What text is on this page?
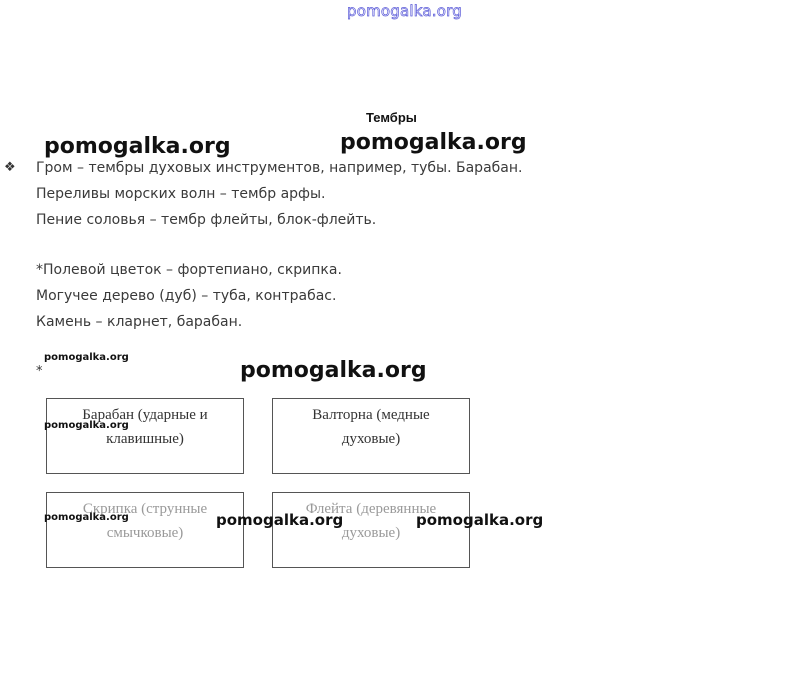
pomogalka.org
Тембры
❖ Гром – тембры духовых инструментов, например, тубы. Барабан.
Переливы морских волн – тембр арфы.
Пение соловья – тембр флейты, блок-флейть.
*Полевой цветок – фортепиано, скрипка.
Могучее дерево (дуб) – туба, контрабас.
Камень – кларнет, барабан.
*
Барабан (ударные и клавишные)
Валторна (медные духовые)
Скрипка (струнные смычковые)
Флейта (деревянные духовые)
pomogalka.org	pomogalka.org
pomogalka.org
pomogalka.org
pomogalka.org
pomogalka.org	pomogalka.org	pomogalka.org
